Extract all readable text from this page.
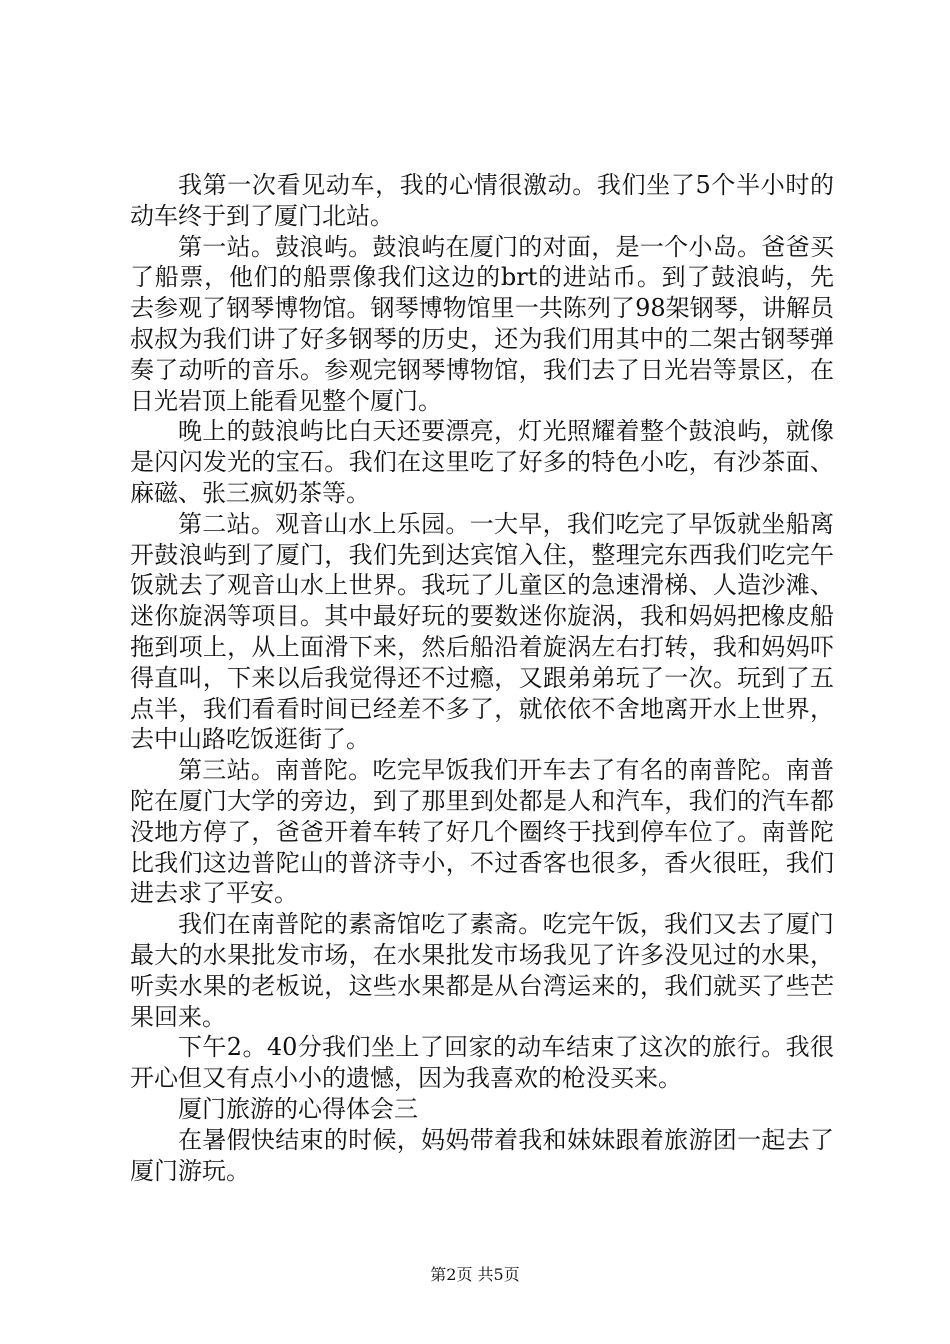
我第一次看见动车，我的心情很激动。我们坐了5个半小时的动车终于到了厦门北站。

第一站。鼓浪屿。鼓浪屿在厦门的对面，是一个小岛。爸爸买了船票，他们的船票像我们这边的brt的进站币。到了鼓浪屿，先去参观了钢琴博物馆。钢琴博物馆里一共陈列了98架钢琴，讲解员叔叔为我们讲了好多钢琴的历史，还为我们用其中的二架古钢琴弹奏了动听的音乐。参观完钢琴博物馆，我们去了日光岩等景区，在日光岩顶上能看见整个厦门。

晚上的鼓浪屿比白天还要漂亮，灯光照耀着整个鼓浪屿，就像是闪闪发光的宝石。我们在这里吃了好多的特色小吃，有沙茶面、麻磁、张三疯奶茶等。

第二站。观音山水上乐园。一大早，我们吃完了早饭就坐船离开鼓浪屿到了厦门，我们先到达宾馆入住，整理完东西我们吃完午饭就去了观音山水上世界。我玩了儿童区的急速滑梯、人造沙滩、迷你旋涡等项目。其中最好玩的要数迷你旋涡，我和妈妈把橡皮船拖到项上，从上面滑下来，然后船沿着旋涡左右打转，我和妈妈吓得直叫，下来以后我觉得还不过瘾，又跟弟弟玩了一次。玩到了五点半，我们看看时间已经差不多了，就依依不舍地离开水上世界，去中山路吃饭逛街了。

第三站。南普陀。吃完早饭我们开车去了有名的南普陀。南普陀在厦门大学的旁边，到了那里到处都是人和汽车，我们的汽车都没地方停了，爸爸开着车转了好几个圈终于找到停车位了。南普陀比我们这边普陀山的普济寺小，不过香客也很多，香火很旺，我们进去求了平安。

我们在南普陀的素斋馆吃了素斋。吃完午饭，我们又去了厦门最大的水果批发市场，在水果批发市场我见了许多没见过的水果，听卖水果的老板说，这些水果都是从台湾运来的，我们就买了些芒果回来。

下午2。40分我们坐上了回家的动车结束了这次的旅行。我很开心但又有点小小的遗憾，因为我喜欢的枪没买来。

厦门旅游的心得体会三

在暑假快结束的时候，妈妈带着我和妹妹跟着旅游团一起去了厦门游玩。

第2页 共5页
